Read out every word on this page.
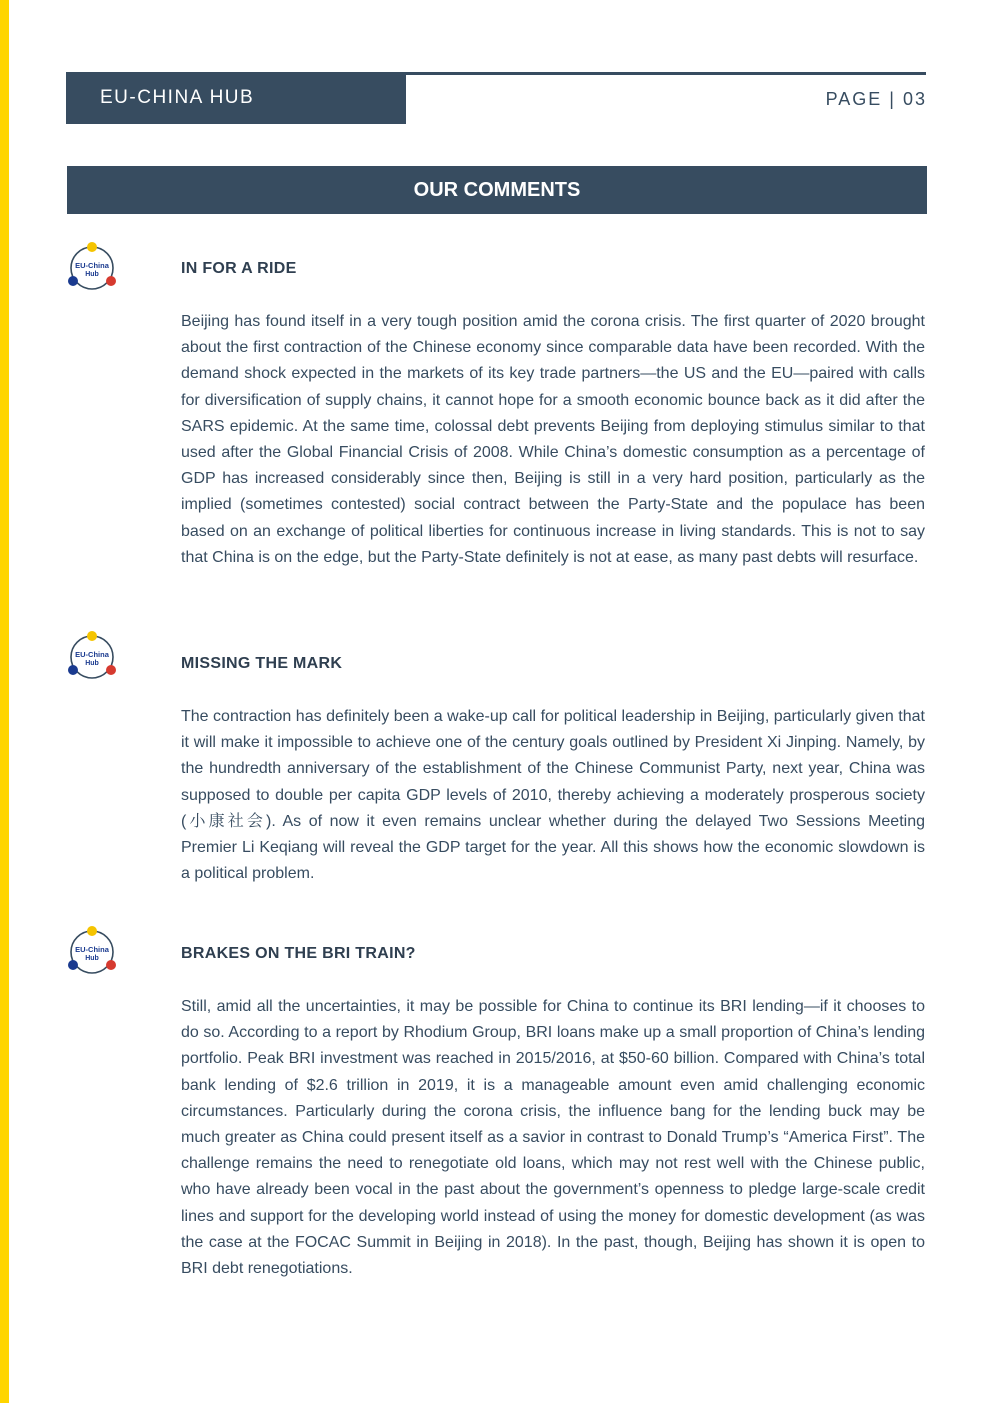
EU-CHINA HUB	PAGE | 03
OUR COMMENTS
EU-China
Hub	IN FOR A RIDE

Beijing has found itself in a very tough position amid the corona crisis. The first quarter of 2020 brought about the first contraction of the Chinese economy since comparable data have been recorded. With the demand shock expected in the markets of its key trade partners—the US and the EU—paired with calls for diversification of supply chains, it cannot hope for a smooth economic bounce back as it did after the SARS epidemic. At the same time, colossal debt prevents Beijing from deploying stimulus similar to that used after the Global Financial Crisis of 2008. While China’s domestic consumption as a percentage of GDP has increased considerably since then, Beijing is still in a very hard position, particularly as the implied (sometimes contested) social contract between the Party-State and the populace has been based on an exchange of political liberties for continuous increase in living standards. This is not to say that China is on the edge, but the Party-State definitely is not at ease, as many past debts will resurface.

EU-China
Hub	MISSING THE MARK

The contraction has definitely been a wake-up call for political leadership in Beijing, particularly given that it will make it impossible to achieve one of the century goals outlined by President Xi Jinping. Namely, by the hundredth anniversary of the establishment of the Chinese Communist Party, next year, China was supposed to double per capita GDP levels of 2010, thereby achieving a moderately prosperous society (小康社会). As of now it even remains unclear whether during the delayed Two Sessions Meeting Premier Li Keqiang will reveal the GDP target for the year. All this shows how the economic slowdown is a political problem.

EU-China
Hub	BRAKES ON THE BRI TRAIN?

Still, amid all the uncertainties, it may be possible for China to continue its BRI lending—if it chooses to do so. According to a report by Rhodium Group, BRI loans make up a small proportion of China’s lending portfolio. Peak BRI investment was reached in 2015/2016, at $50-60 billion. Compared with China’s total bank lending of $2.6 trillion in 2019, it is a manageable amount even amid challenging economic circumstances. Particularly during the corona crisis, the influence bang for the lending buck may be much greater as China could present itself as a savior in contrast to Donald Trump’s “America First”. The challenge remains the need to renegotiate old loans, which may not rest well with the Chinese public, who have already been vocal in the past about the government’s openness to pledge large-scale credit lines and support for the developing world instead of using the money for domestic development (as was the case at the FOCAC Summit in Beijing in 2018). In the past, though, Beijing has shown it is open to BRI debt renegotiations.
